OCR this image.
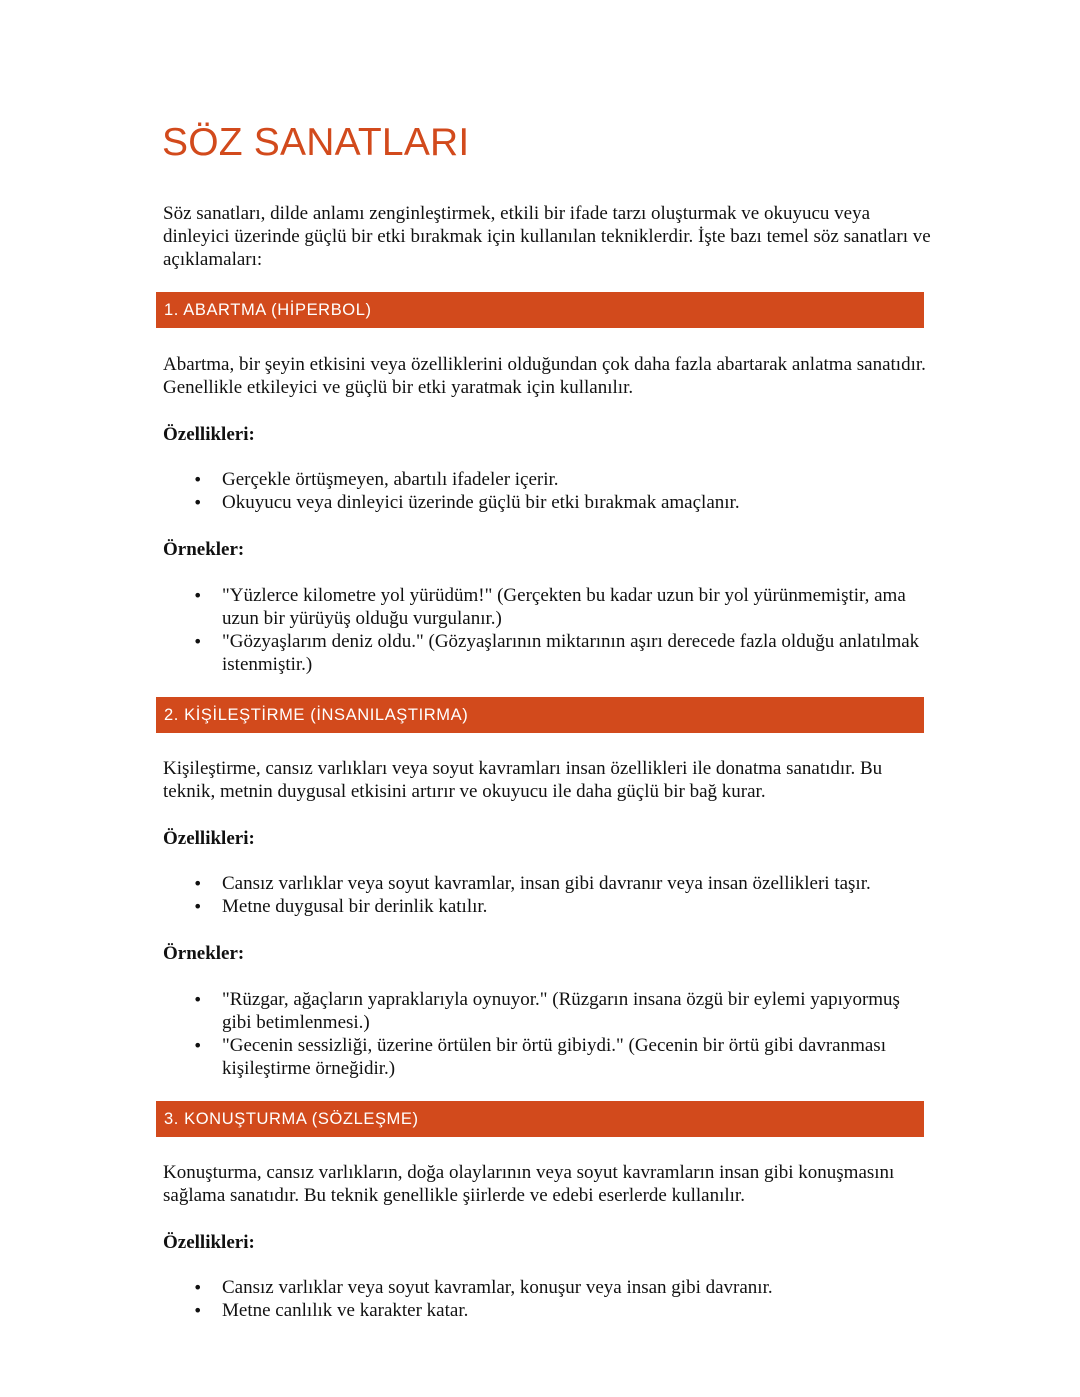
SÖZ SANATLARI

Söz sanatları, dilde anlamı zenginleştirmek, etkili bir ifade tarzı oluşturmak ve okuyucu veya dinleyici üzerinde güçlü bir etki bırakmak için kullanılan tekniklerdir. İşte bazı temel söz sanatları ve açıklamaları:

1. ABARTMA (HİPERBOL)

Abartma, bir şeyin etkisini veya özelliklerini olduğundan çok daha fazla abartarak anlatma sanatıdır. Genellikle etkileyici ve güçlü bir etki yaratmak için kullanılır.

Özellikleri:

• Gerçekle örtüşmeyen, abartılı ifadeler içerir.
• Okuyucu veya dinleyici üzerinde güçlü bir etki bırakmak amaçlanır.

Örnekler:

• "Yüzlerce kilometre yol yürüdüm!" (Gerçekten bu kadar uzun bir yol yürünmemiştir, ama uzun bir yürüyüş olduğu vurgulanır.)
• "Gözyaşlarım deniz oldu." (Gözyaşlarının miktarının aşırı derecede fazla olduğu anlatılmak istenmiştir.)
2. KİŞİLEŞTİRME (İNSANILAŞTIRMA)

Kişileştirme, cansız varlıkları veya soyut kavramları insan özellikleri ile donatma sanatıdır. Bu teknik, metnin duygusal etkisini artırır ve okuyucu ile daha güçlü bir bağ kurar.

Özellikleri:

• Cansız varlıklar veya soyut kavramlar, insan gibi davranır veya insan özellikleri taşır.
• Metne duygusal bir derinlik katılır.

Örnekler:

• "Rüzgar, ağaçların yapraklarıyla oynuyor." (Rüzgarın insana özgü bir eylemi yapıyormuş gibi betimlenmesi.)
• "Gecenin sessizliği, üzerine örtülen bir örtü gibiydi." (Gecenin bir örtü gibi davranması kişileştirme örneğidir.)
3. KONUŞTURMA (SÖZLEŞME)

Konuşturma, cansız varlıkların, doğa olaylarının veya soyut kavramların insan gibi konuşmasını sağlama sanatıdır. Bu teknik genellikle şiirlerde ve edebi eserlerde kullanılır.

Özellikleri:

• Cansız varlıklar veya soyut kavramlar, konuşur veya insan gibi davranır.
• Metne canlılık ve karakter katar.
